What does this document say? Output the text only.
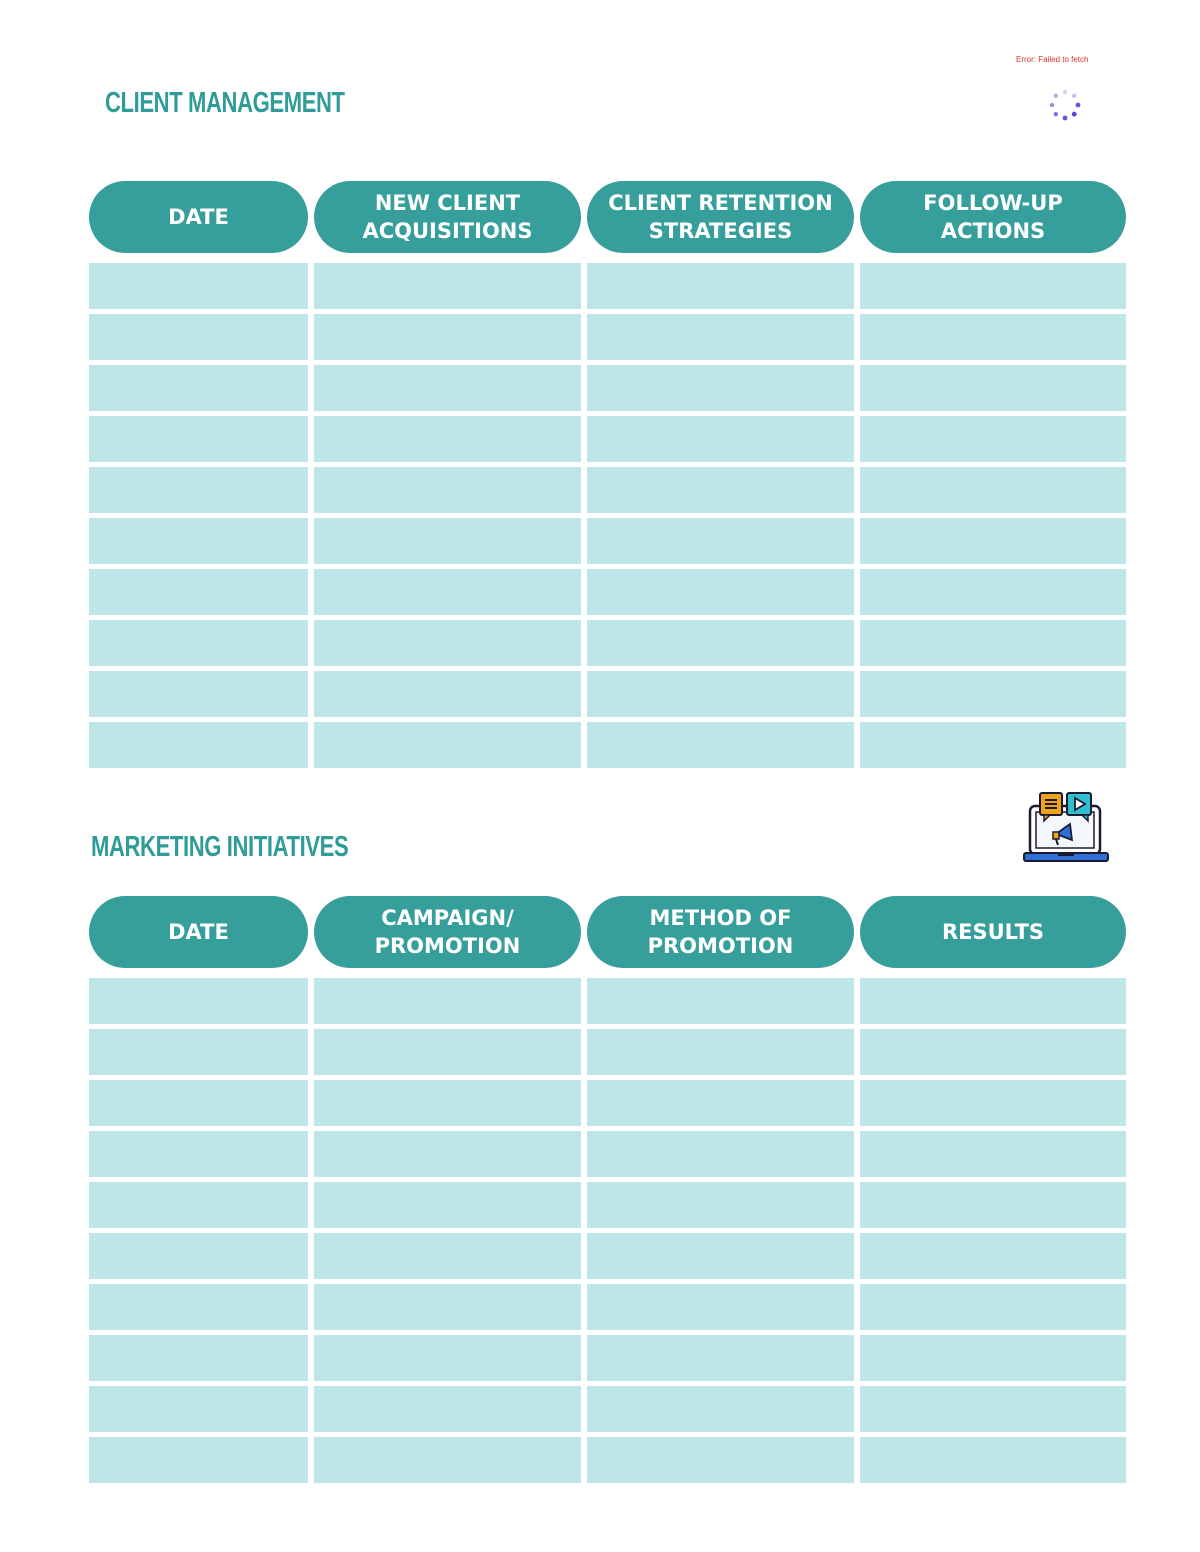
Error: Failed to fetch
CLIENT MANAGEMENT
DATE
NEW CLIENT
ACQUISITIONS
CLIENT RETENTION
STRATEGIES
FOLLOW-UP
ACTIONS
MARKETING INITIATIVES
DATE
CAMPAIGN/
PROMOTION
METHOD OF
PROMOTION
RESULTS
